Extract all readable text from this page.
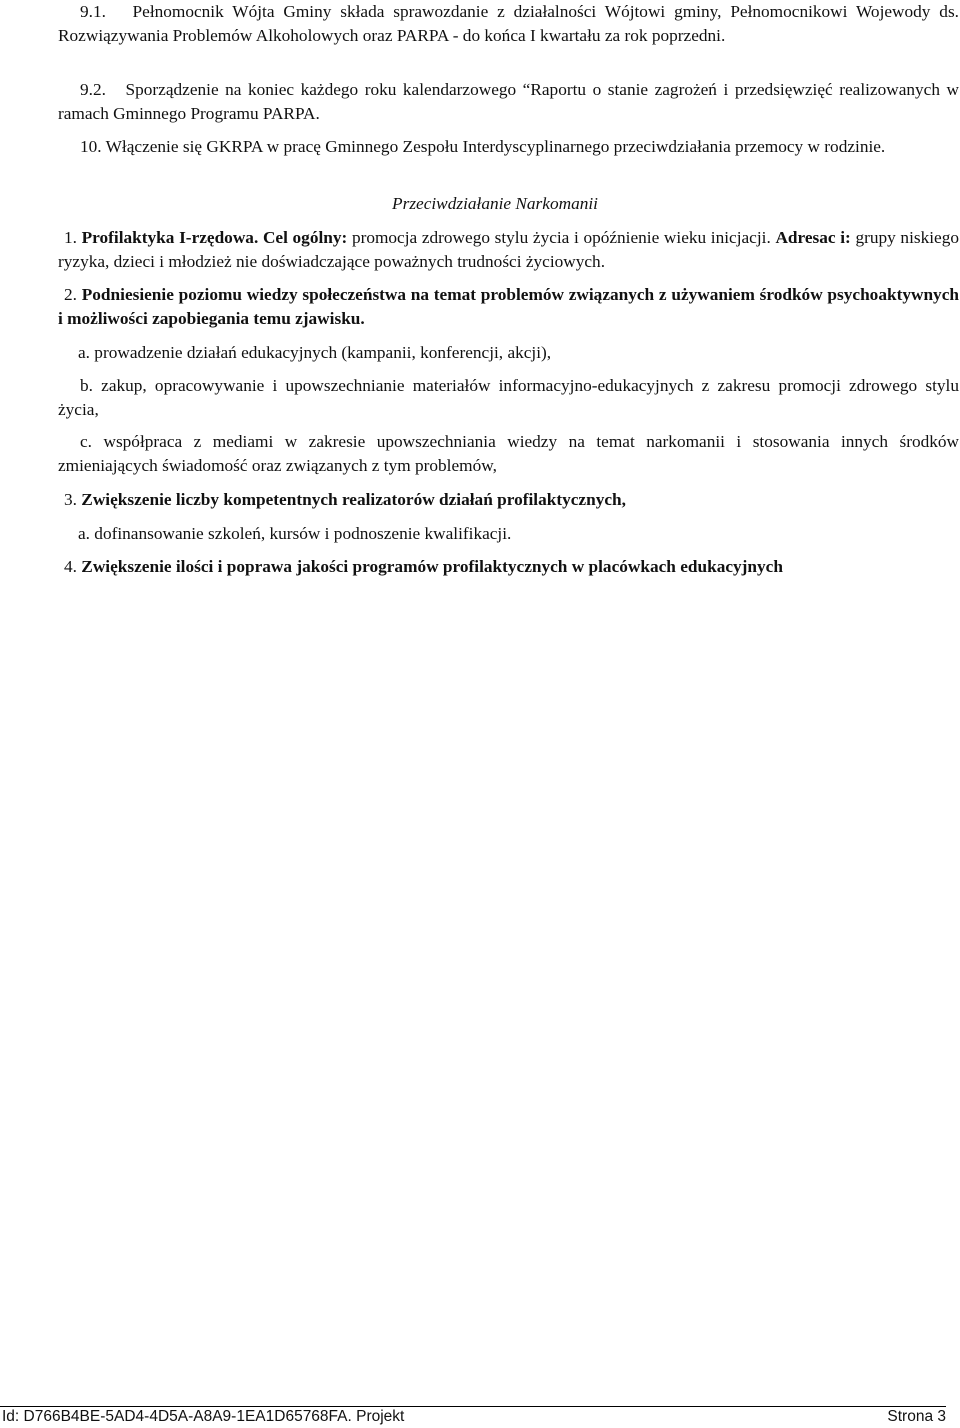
9.1. Pełnomocnik Wójta Gminy składa sprawozdanie z działalności Wójtowi gminy, Pełnomocnikowi Wojewody ds. Rozwiązywania Problemów Alkoholowych oraz PARPA - do końca I kwartału za rok poprzedni.

9.2. Sporządzenie na koniec każdego roku kalendarzowego “Raportu o stanie zagrożeń i przedsięwzięć realizowanych w ramach Gminnego Programu PARPA.

10. Włączenie się GKRPA w pracę Gminnego Zespołu Interdyscyplinarnego przeciwdziałania przemocy w rodzinie.

Przeciwdziałanie Narkomanii

1. Profilaktyka I-rzędowa. Cel ogólny: promocja zdrowego stylu życia i opóźnienie wieku inicjacji. Adresac i: grupy niskiego ryzyka, dzieci i młodzież nie doświadczające poważnych trudności życiowych.

2. Podniesienie poziomu wiedzy społeczeństwa na temat problemów związanych z używaniem środków psychoaktywnych i możliwości zapobiegania temu zjawisku.

a. prowadzenie działań edukacyjnych (kampanii, konferencji, akcji),

b. zakup, opracowywanie i upowszechnianie materiałów informacyjno-edukacyjnych z zakresu promocji zdrowego stylu życia,

c. współpraca z mediami w zakresie upowszechniania wiedzy na temat narkomanii i stosowania innych środków zmieniających świadomość oraz związanych z tym problemów,

3. Zwiększenie liczby kompetentnych realizatorów działań profilaktycznych,

a. dofinansowanie szkoleń, kursów i podnoszenie kwalifikacji.

4. Zwiększenie ilości i poprawa jakości programów profilaktycznych w placówkach edukacyjnych

Id: D766B4BE-5AD4-4D5A-A8A9-1EA1D65768FA. Projekt	Strona 3
